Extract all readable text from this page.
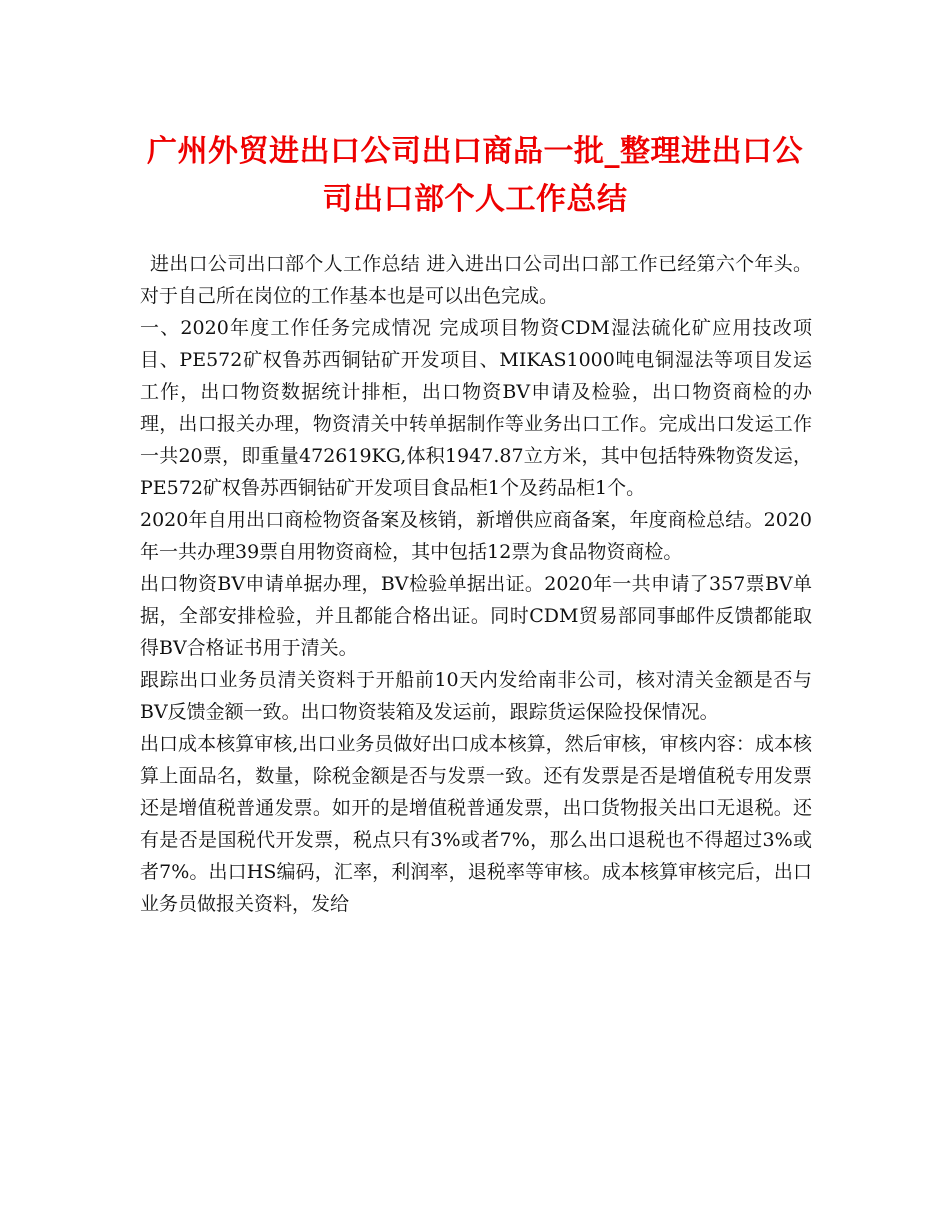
广州外贸进出口公司出口商品一批_整理进出口公司出口部个人工作总结

进出口公司出口部个人工作总结 进入进出口公司出口部工作已经第六个年头。对于自己所在岗位的工作基本也是可以出色完成。

一、2020年度工作任务完成情况 完成项目物资CDM湿法硫化矿应用技改项目、PE572矿权鲁苏西铜钴矿开发项目、MIKAS1000吨电铜湿法等项目发运工作，出口物资数据统计排柜，出口物资BV申请及检验，出口物资商检的办理，出口报关办理，物资清关中转单据制作等业务出口工作。完成出口发运工作一共20票，即重量472619KG,体积1947.87立方米，其中包括特殊物资发运，PE572矿权鲁苏西铜钴矿开发项目食品柜1个及药品柜1个。

2020年自用出口商检物资备案及核销，新增供应商备案，年度商检总结。2020年一共办理39票自用物资商检，其中包括12票为食品物资商检。

出口物资BV申请单据办理，BV检验单据出证。2020年一共申请了357票BV单据，全部安排检验，并且都能合格出证。同时CDM贸易部同事邮件反馈都能取得BV合格证书用于清关。

跟踪出口业务员清关资料于开船前10天内发给南非公司，核对清关金额是否与BV反馈金额一致。出口物资装箱及发运前，跟踪货运保险投保情况。

出口成本核算审核,出口业务员做好出口成本核算，然后审核，审核内容：成本核算上面品名，数量，除税金额是否与发票一致。还有发票是否是增值税专用发票还是增值税普通发票。如开的是增值税普通发票，出口货物报关出口无退税。还有是否是国税代开发票，税点只有3%或者7%，那么出口退税也不得超过3%或者7%。出口HS编码，汇率，利润率，退税率等审核。成本核算审核完后，出口业务员做报关资料，发给
